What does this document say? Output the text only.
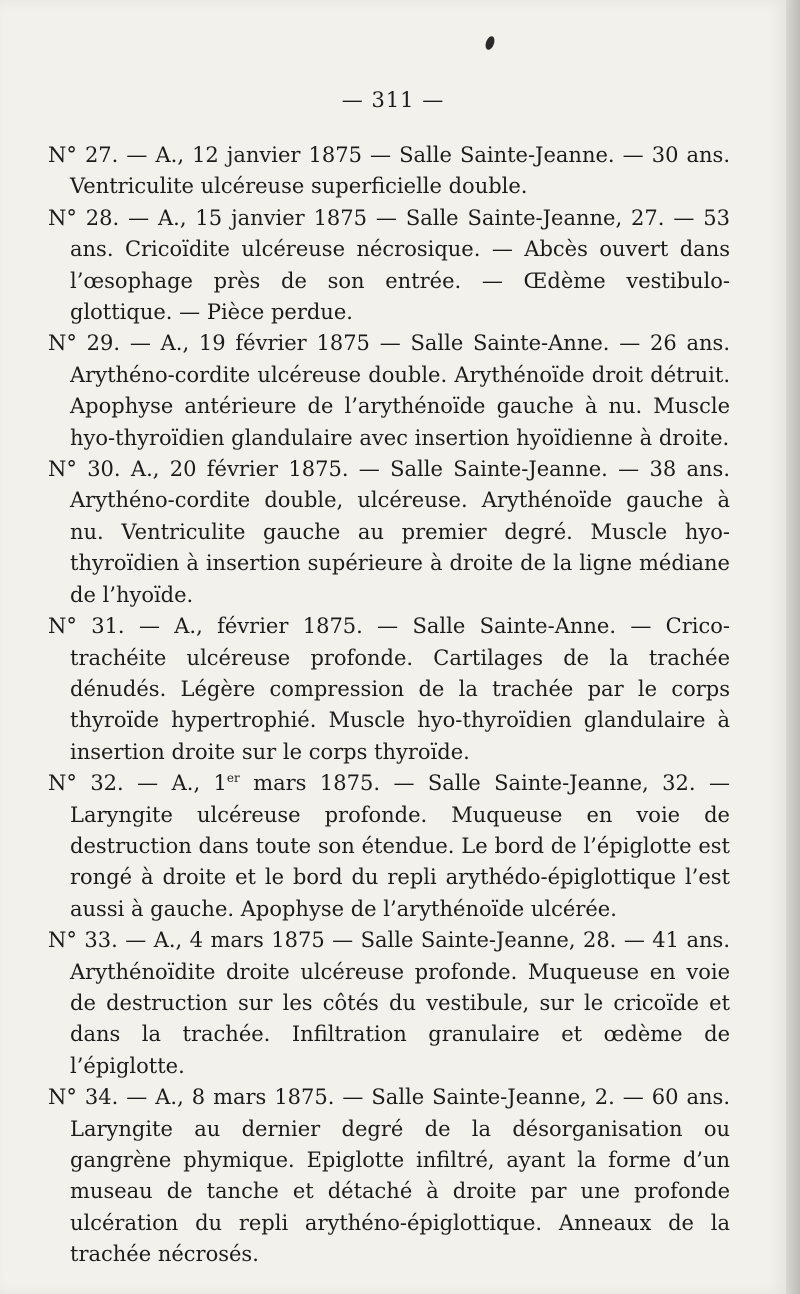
— 311 —

N° 27. — A., 12 janvier 1875 — Salle Sainte-Jeanne. — 30 ans. Ventriculite ulcéreuse superficielle double.

N° 28. — A., 15 janvier 1875 — Salle Sainte-Jeanne, 27. — 53 ans. Cricoïdite ulcéreuse nécrosique. — Abcès ouvert dans l’œsophage près de son entrée. — Œdème vestibulo-glottique. — Pièce perdue.

N° 29. — A., 19 février 1875 — Salle Sainte-Anne. — 26 ans. Arythéno-cordite ulcéreuse double. Arythénoïde droit détruit. Apophyse antérieure de l’arythénoïde gauche à nu. Muscle hyo-thyroïdien glandulaire avec insertion hyoïdienne à droite.

N° 30. A., 20 février 1875. — Salle Sainte-Jeanne. — 38 ans. Arythéno-cordite double, ulcéreuse. Arythénoïde gauche à nu. Ventriculite gauche au premier degré. Muscle hyo-thyroïdien à insertion supérieure à droite de la ligne médiane de l’hyoïde.

N° 31. — A., février 1875. — Salle Sainte-Anne. — Crico-trachéite ulcéreuse profonde. Cartilages de la trachée dénudés. Légère compression de la trachée par le corps thyroïde hypertrophié. Muscle hyo-thyroïdien glandulaire à insertion droite sur le corps thyroïde.

N° 32. — A., 1er mars 1875. — Salle Sainte-Jeanne, 32. — Laryngite ulcéreuse profonde. Muqueuse en voie de destruction dans toute son étendue. Le bord de l’épiglotte est rongé à droite et le bord du repli arythédo-épiglottique l’est aussi à gauche. Apophyse de l’arythénoïde ulcérée.

N° 33. — A., 4 mars 1875 — Salle Sainte-Jeanne, 28. — 41 ans. Arythénoïdite droite ulcéreuse profonde. Muqueuse en voie de destruction sur les côtés du vestibule, sur le cricoïde et dans la trachée. Infiltration granulaire et œdème de l’épiglotte.

N° 34. — A., 8 mars 1875. — Salle Sainte-Jeanne, 2. — 60 ans. Laryngite au dernier degré de la désorganisation ou gangrène phymique. Epiglotte infiltré, ayant la forme d’un museau de tanche et détaché à droite par une profonde ulcération du repli arythéno-épiglottique. Anneaux de la trachée nécrosés.
